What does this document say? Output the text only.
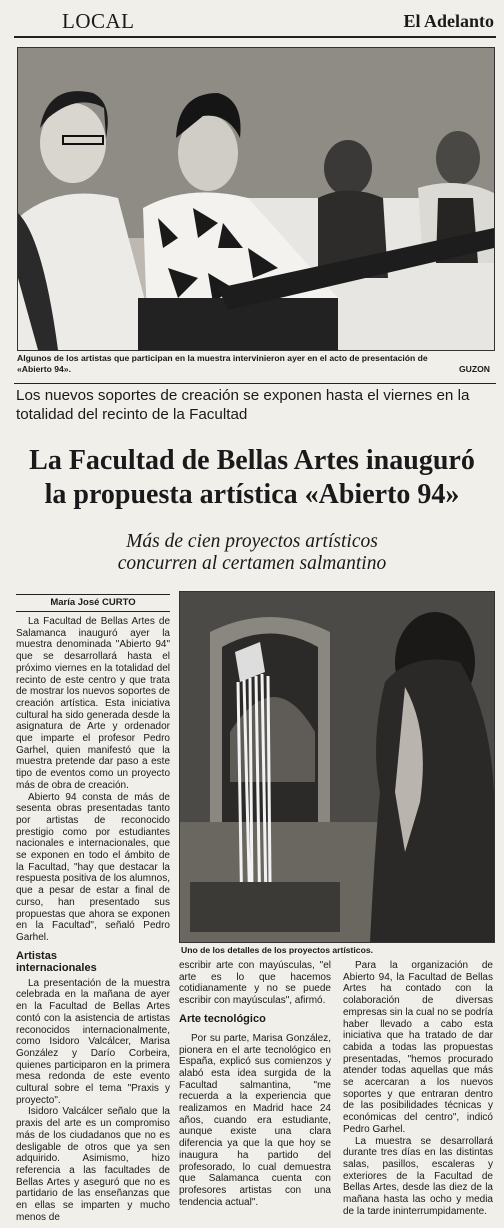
LOCAL	El Adelanto
Algunos de los artistas que participan en la muestra intervinieron ayer en el acto de presentación de
«Abierto 94».	GUZON
Los nuevos soportes de creación se exponen hasta el viernes en la
totalidad del recinto de la Facultad
La Facultad de Bellas Artes inauguró
la propuesta artística «Abierto 94»
Más de cien proyectos artísticos
concurren al certamen salmantino
María José CURTO

La Facultad de Bellas Artes de Salamanca inauguró ayer la muestra denominada "Abierto 94" que se desarrollará hasta el próximo viernes en la totalidad del recinto de este centro y que trata de mostrar los nuevos soportes de creación artística. Esta iniciativa cultural ha sido generada desde la asignatura de Arte y ordenador que imparte el profesor Pedro Garhel, quien manifestó que la muestra pretende dar paso a este tipo de eventos como un proyecto más de obra de creación.

Abierto 94 consta de más de sesenta obras presentadas tanto por artistas de reconocido prestigio como por estudiantes nacionales e internacionales, que se exponen en todo el ámbito de la Facultad, "hay que destacar la respuesta positiva de los alumnos, que a pesar de estar a final de curso, han presentado sus propuestas que ahora se exponen en la Facultad", señaló Pedro Garhel.

Artistas
internacionales

La presentación de la muestra celebrada en la mañana de ayer en la Facultad de Bellas Artes contó con la asistencia de artistas reconocidos internacionalmente, como Isidoro Valcálcer, Marisa González y Darío Corbeira, quienes participaron en la primera mesa redonda de este evento cultural sobre el tema "Praxis y proyecto".

Isidoro Valcálcer señalo que la praxis del arte es un compromiso más de los ciudadanos que no es desligable de otros que ya sen adquirido. Asimismo, hizo referencia a las facultades de Bellas Artes y aseguró que no es partidario de las enseñanzas que en ellas se imparten y mucho menos de

Uno de los detalles de los proyectos artísticos.

escribir arte con mayúsculas, "el arte es lo que hacemos cotidianamente y no se puede escribir con mayúsculas", afirmó.

Arte tecnológico

Por su parte, Marisa González, pionera en el arte tecnológico en España, explicó sus comienzos y alabó esta idea surgida de la Facultad salmantina, "me recuerda a la experiencia que realizamos en Madrid hace 24 años, cuando era estudiante, aunque existe una clara diferencia ya que la que hoy se inaugura ha partido del profesorado, lo cual demuestra que Salamanca cuenta con profesores artistas con una tendencia actual".

Para la organización de Abierto 94, la Facultad de Bellas Artes ha contado con la colaboración de diversas empresas sin la cual no se podría haber llevado a cabo esta iniciativa que ha tratado de dar cabida a todas las propuestas presentadas, "hemos procurado atender todas aquellas que más se acercaran a los nuevos soportes y que entraran dentro de las posibilidades técnicas y económicas del centro", indicó Pedro Garhel.

La muestra se desarrollará durante tres días en las distintas salas, pasillos, escaleras y exteriores de la Facultad de Bellas Artes, desde las diez de la mañana hasta las ocho y media de la tarde ininterrumpidamente.
